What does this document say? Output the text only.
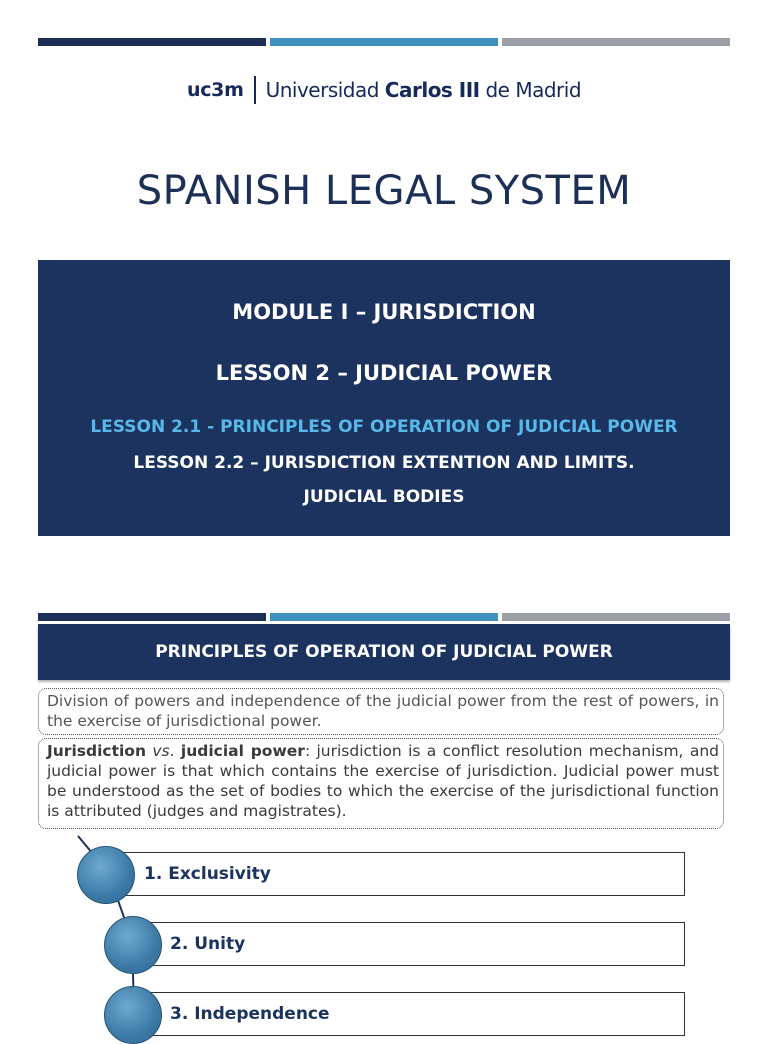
uc3m Universidad Carlos III de Madrid
SPANISH LEGAL SYSTEM
MODULE I – JURISDICTION
LESSON 2 – JUDICIAL POWER
LESSON 2.1 - PRINCIPLES OF OPERATION OF JUDICIAL POWER
LESSON 2.2 – JURISDICTION EXTENTION AND LIMITS.
JUDICIAL BODIES
PRINCIPLES OF OPERATION OF JUDICIAL POWER
Division of powers and independence of the judicial power from the rest of powers, in the exercise of jurisdictional power.
Jurisdiction vs. judicial power: jurisdiction is a conflict resolution mechanism, and judicial power is that which contains the exercise of jurisdiction. Judicial power must be understood as the set of bodies to which the exercise of the jurisdictional function is attributed (judges and magistrates).
1. Exclusivity
2. Unity
3. Independence
